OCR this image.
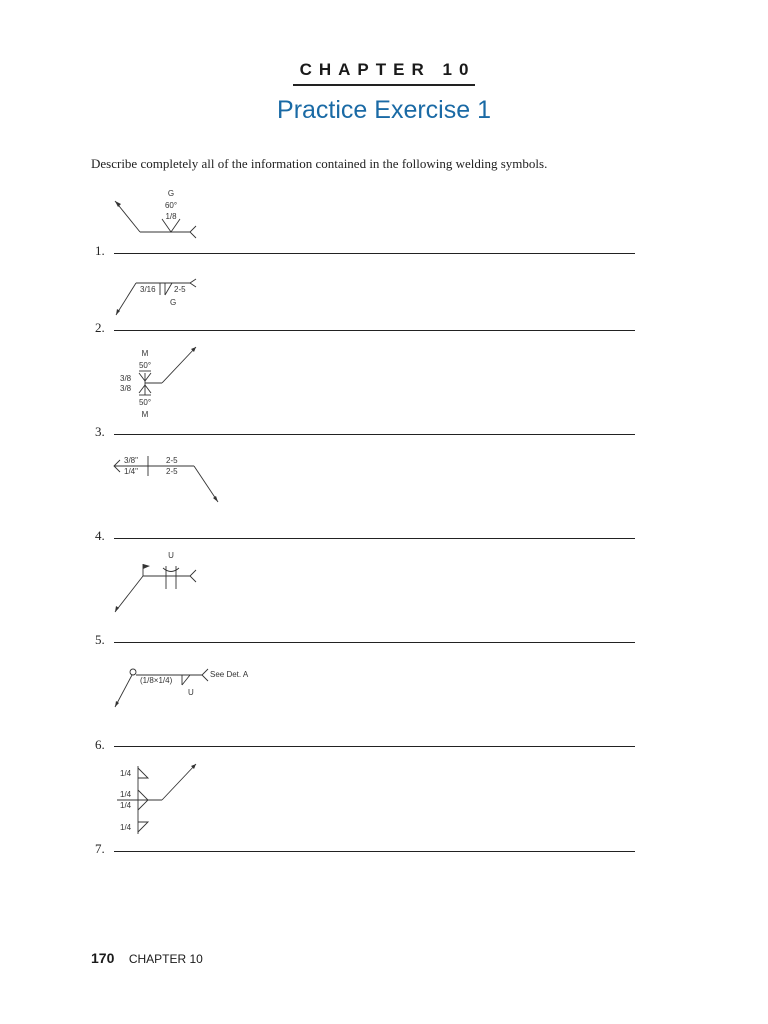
CHAPTER 10
Practice Exercise 1
Describe completely all of the information contained in the following welding symbols.
G
60°
1/8
3/16 2-5
G
M
50°
3/8
3/8
50°
M
3/8"	2-5
1/4"	2-5
U
(1/8×1/4)
See Det. A
U
1/4
1/4
1/4
1/4
1.
2.
3.
4.
5.
6.
7.
170 CHAPTER 10
